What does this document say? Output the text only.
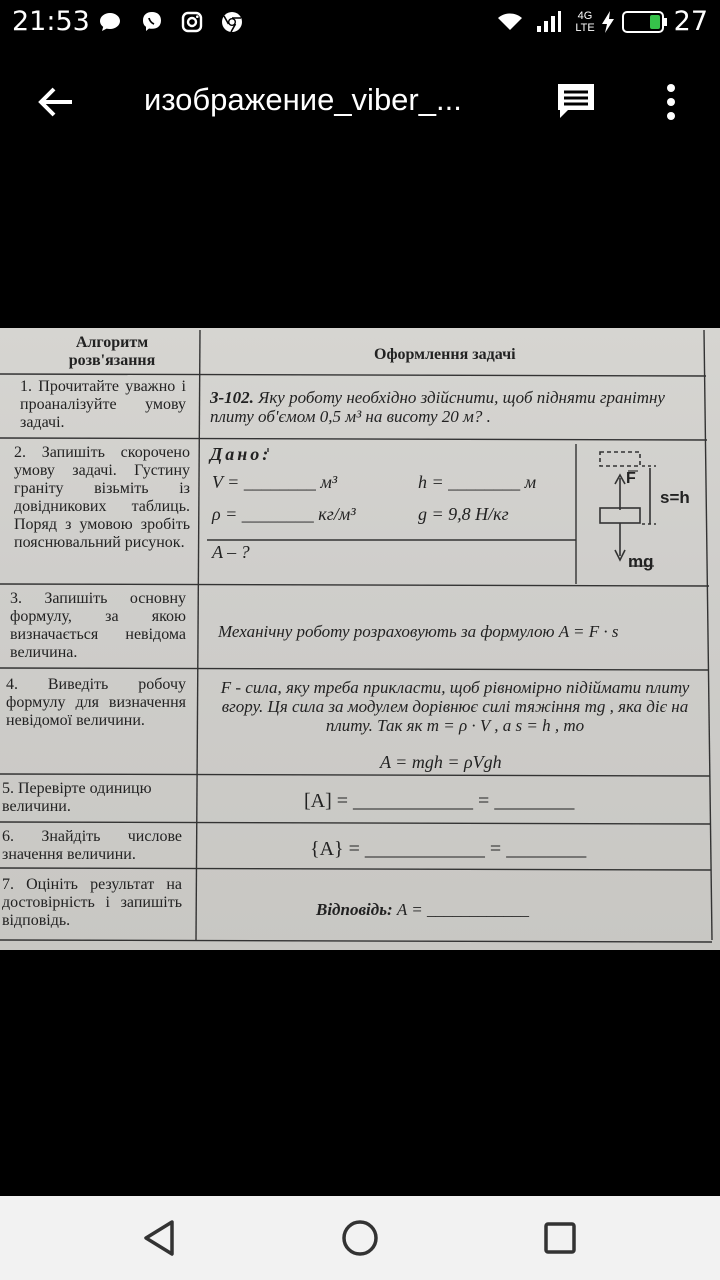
21:53	4G LTE	27
изображение_viber_...
Алгоритм розв'язання	Оформлення задачі
1. Прочитайте уважно і проаналізуйте умову задачі.
3-102. Яку роботу необхідно здійснити, щоб підняти гранітну плиту об'ємом 0,5 м³ на висоту 20 м? .
2. Запишіть скорочено умову задачі. Густину граніту візьміть із довідникових таблиць. Поряд з умовою зробіть пояснювальний рисунок.
Дано:
V = ________ м³	h = ________ м
ρ = ________ кг/м³	g = 9,8 Н/кг
A – ?
F
s=h
mg
3. Запишіть основну формулу, за якою визначається невідома величина.
Механічну роботу розраховують за формулою A = F · s
4. Виведіть робочу формулу для визначення невідомої величини.
F - сила, яку треба прикласти, щоб рівномірно підіймати плиту вгору. Ця сила за модулем дорівнює силі тяжіння mg , яка діє на плиту. Так як m = ρ · V , а s = h , то
A = mgh = ρVgh
5. Перевірте одиницю величини.	[A] = ____________ = ________
6. Знайдіть числове значення величини.	{A} = ____________ = ________
7. Оцініть результат на достовірність і запишіть відповідь.
Відповідь: A = ____________
